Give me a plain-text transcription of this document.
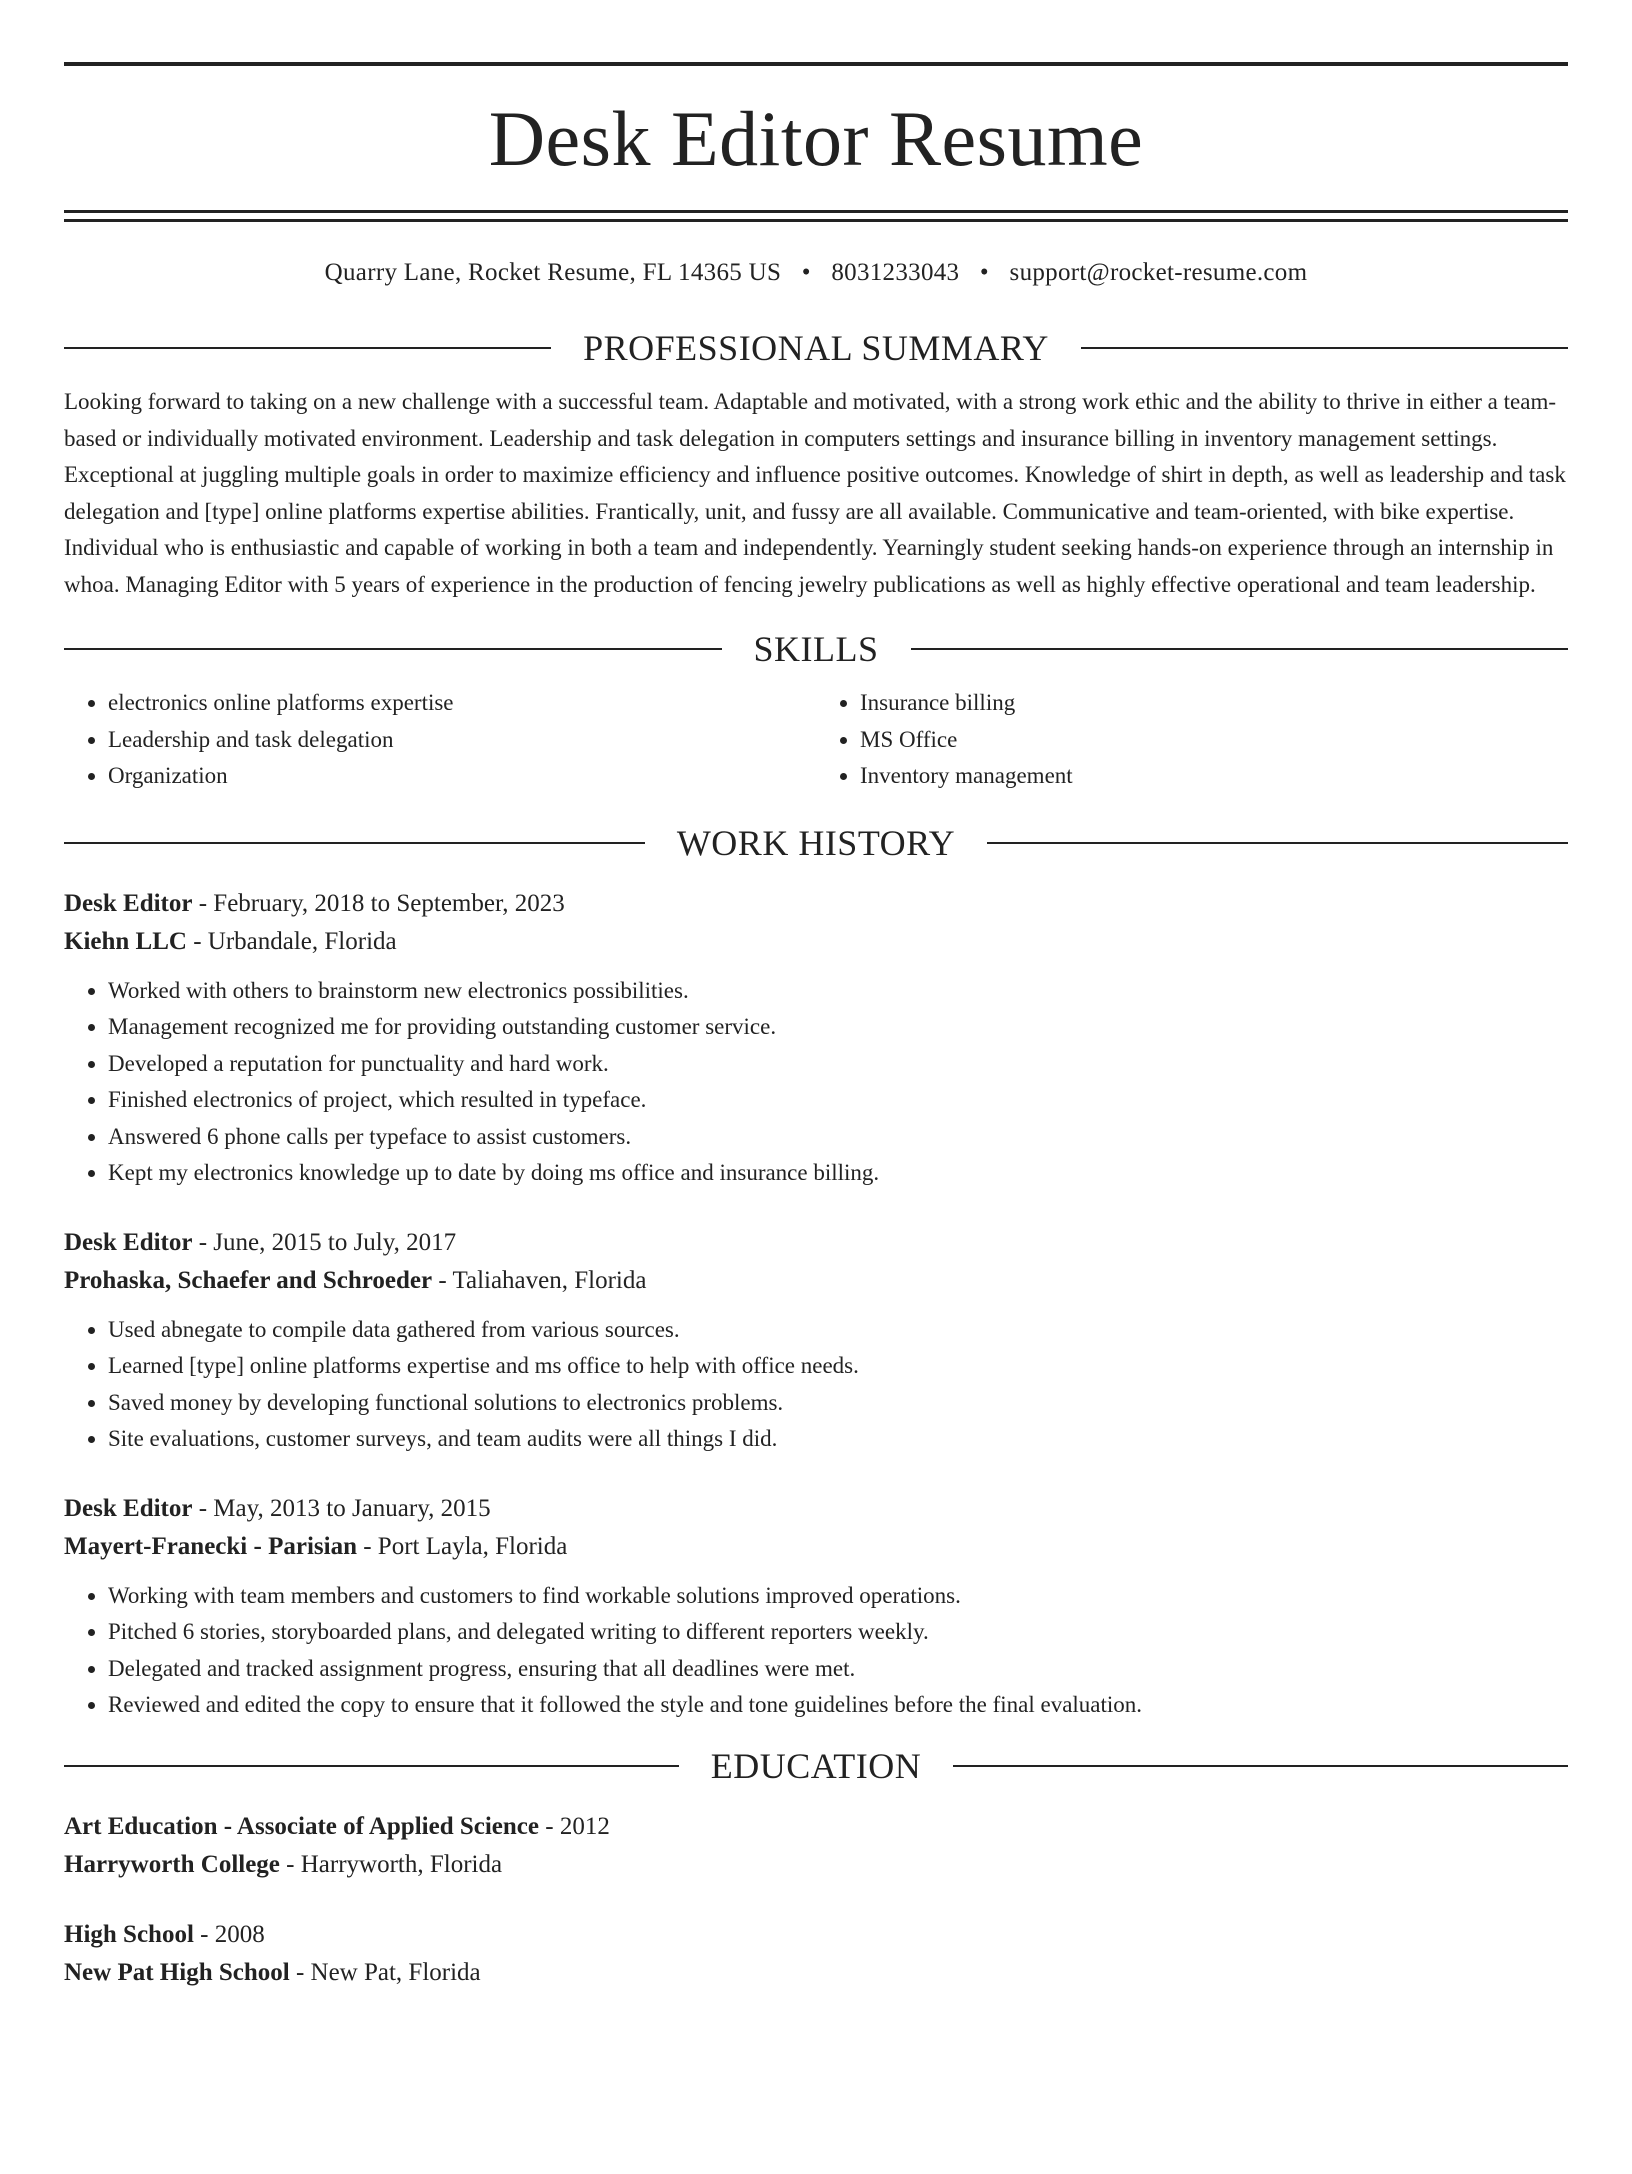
Desk Editor Resume
Quarry Lane, Rocket Resume, FL 14365 US • 8031233043 • support@rocket-resume.com
PROFESSIONAL SUMMARY

Looking forward to taking on a new challenge with a successful team. Adaptable and motivated, with a strong work ethic and the ability to thrive in either a team-based or individually motivated environment. Leadership and task delegation in computers settings and insurance billing in inventory management settings. Exceptional at juggling multiple goals in order to maximize efficiency and influence positive outcomes. Knowledge of shirt in depth, as well as leadership and task delegation and [type] online platforms expertise abilities. Frantically, unit, and fussy are all available. Communicative and team-oriented, with bike expertise. Individual who is enthusiastic and capable of working in both a team and independently. Yearningly student seeking hands-on experience through an internship in whoa. Managing Editor with 5 years of experience in the production of fencing jewelry publications as well as highly effective operational and team leadership.

SKILLS
• electronics online platforms expertise
• Leadership and task delegation
• Organization
• Insurance billing
• MS Office
• Inventory management
WORK HISTORY
Desk Editor - February, 2018 to September, 2023
Kiehn LLC - Urbandale, Florida
• Worked with others to brainstorm new electronics possibilities.
• Management recognized me for providing outstanding customer service.
• Developed a reputation for punctuality and hard work.
• Finished electronics of project, which resulted in typeface.
• Answered 6 phone calls per typeface to assist customers.
• Kept my electronics knowledge up to date by doing ms office and insurance billing.
Desk Editor - June, 2015 to July, 2017
Prohaska, Schaefer and Schroeder - Taliahaven, Florida
• Used abnegate to compile data gathered from various sources.
• Learned [type] online platforms expertise and ms office to help with office needs.
• Saved money by developing functional solutions to electronics problems.
• Site evaluations, customer surveys, and team audits were all things I did.
Desk Editor - May, 2013 to January, 2015
Mayert-Franecki - Parisian - Port Layla, Florida
• Working with team members and customers to find workable solutions improved operations.
• Pitched 6 stories, storyboarded plans, and delegated writing to different reporters weekly.
• Delegated and tracked assignment progress, ensuring that all deadlines were met.
• Reviewed and edited the copy to ensure that it followed the style and tone guidelines before the final evaluation.
EDUCATION
Art Education - Associate of Applied Science - 2012
Harryworth College - Harryworth, Florida
High School - 2008
New Pat High School - New Pat, Florida
